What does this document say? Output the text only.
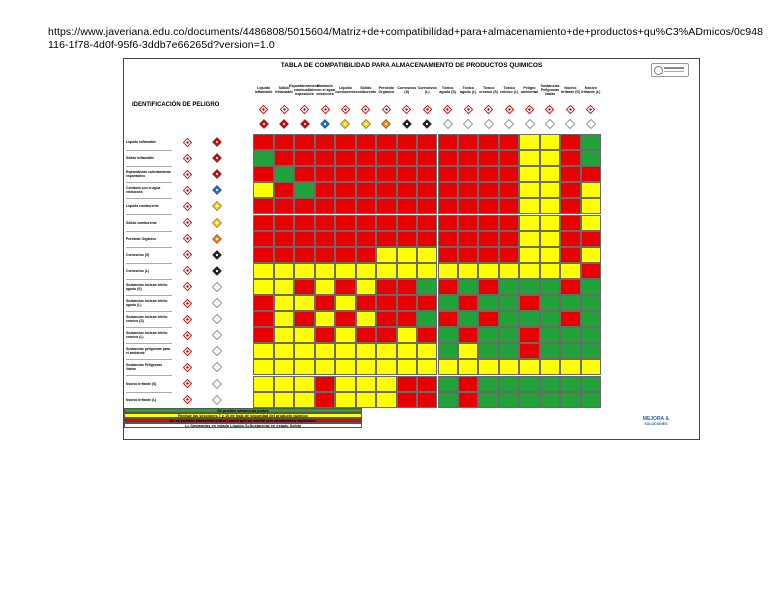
https://www.javeriana.edu.co/documents/4486808/5015604/Matriz+de+compatibilidad+para+almacenamiento+de+productos+qu%C3%ADmicos/0c948116-1f78-4d0f-95f6-3ddb7e66265d?version=1.0
TABLA DE COMPATIBILIDAD PARA ALMACENAMIENTO DE PRODUCTOS QUIMICOS
IDENTIFICACIÓN DE PELIGRO
Líquido Inflamable
Sólido inflamable
Espontáneamente combustible exposición
Contacto con el agua emisiones
Líquido comburente
Sólido comburente
Peróxido Orgánico
Corrosivos (S)
Corrosivos (L)
Tóxico agudo (S)
Tóxico agudo (L)
Tóxico crónico (S)
Tóxico crónico (L)
Peligro ambiental
Sustancias Peligrosas Varias
Nocivo Irritante (S)
Nocivo Irritante (L)
Líquido inflamable
Sólido inflamable
Espontáneas calentamiento espontáneo
Contacto con el agua emisiones
Líquido comburente
Sólido comburente
Peróxido Orgánico
Corrosivos (S)
Corrosivos (L)
Sustancias tóxicas efecto agudo (S)
Sustancias tóxicas efecto agudo (L)
Sustancias tóxicas efecto crónico (S)
Sustancias tóxicas efecto crónico (L)
Sustancias peligrosas para el ambiente
Sustancias Peligrosas Varias
Nocivo Irritante (S)
Nocivo Irritante (L)
Se pueden almacenar juntos
Revisar las secciones 7 y 10 de hoja de seguridad del producto químico
No se pueden almacenar juntos, salvo que se cuente con condiciones especiales
L= Sustancias en estado Líquido S=Sustancias en estado Sólido
MEJORA &
SOLUCIONES
